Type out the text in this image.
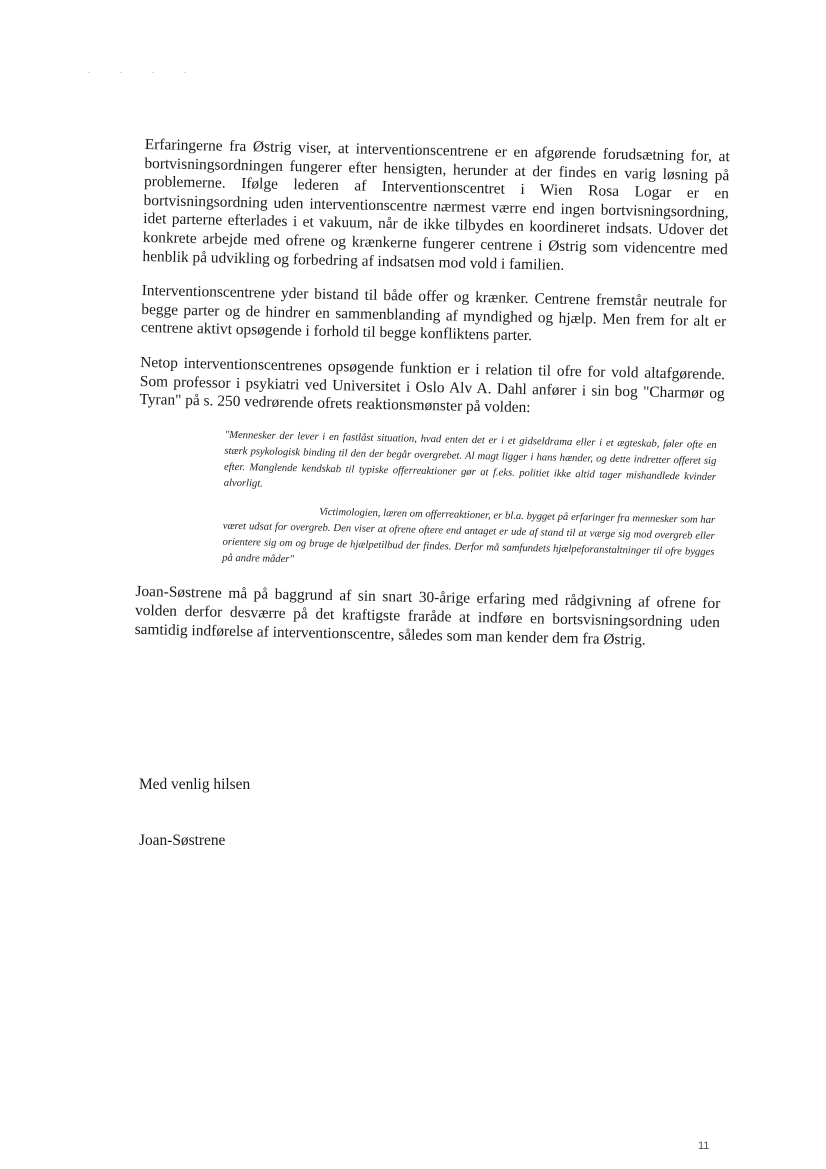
. . . .

Erfaringerne fra Østrig viser, at interventionscentrene er en afgørende forudsætning for, at bortvisningsordningen fungerer efter hensigten, herunder at der findes en varig løsning på problemerne. Ifølge lederen af Interventionscentret i Wien Rosa Logar er en bortvisningsordning uden interventionscentre nærmest værre end ingen bortvisningsordning, idet parterne efterlades i et vakuum, når de ikke tilbydes en koordineret indsats. Udover det konkrete arbejde med ofrene og krænkerne fungerer centrene i Østrig som videncentre med henblik på udvikling og forbedring af indsatsen mod vold i familien.

Interventionscentrene yder bistand til både offer og krænker. Centrene fremstår neutrale for begge parter og de hindrer en sammenblanding af myndighed og hjælp. Men frem for alt er centrene aktivt opsøgende i forhold til begge konfliktens parter.

Netop interventionscentrenes opsøgende funktion er i relation til ofre for vold altafgørende. Som professor i psykiatri ved Universitet i Oslo Alv A. Dahl anfører i sin bog "Charmør og Tyran" på s. 250 vedrørende ofrets reaktionsmønster på volden:

"Mennesker der lever i en fastlåst situation, hvad enten det er i et gidseldrama eller i et ægteskab, føler ofte en stærk psykologisk binding til den der begår overgrebet. Al magt ligger i hans hænder, og dette indretter offeret sig efter. Manglende kendskab til typiske offerreaktioner gør at f.eks. politiet ikke altid tager mishandlede kvinder alvorligt.

Victimologien, læren om offerreaktioner, er bl.a. bygget på erfaringer fra mennesker som har været udsat for overgreb. Den viser at ofrene oftere end antaget er ude af stand til at værge sig mod overgreb eller orientere sig om og bruge de hjælpetilbud der findes. Derfor må samfundets hjælpeforanstaltninger til ofre bygges på andre måder"

Joan-Søstrene må på baggrund af sin snart 30-årige erfaring med rådgivning af ofrene for volden derfor desværre på det kraftigste fraråde at indføre en bortsvisningsordning uden samtidig indførelse af interventionscentre, således som man kender dem fra Østrig.

Med venlig hilsen

Joan-Søstrene

11
